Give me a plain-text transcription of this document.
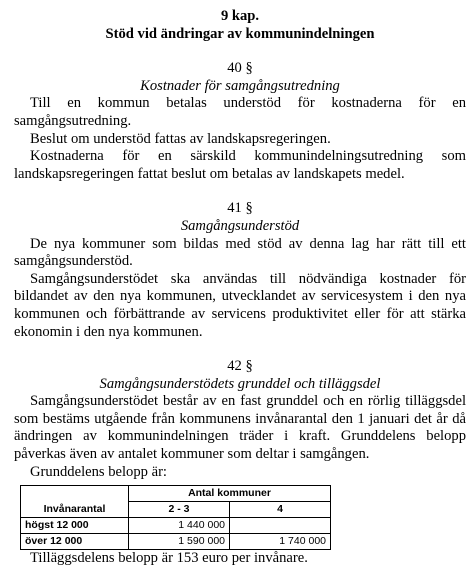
9 kap.

Stöd vid ändringar av kommunindelningen

40 §

Kostnader för samgångsutredning

Till en kommun betalas understöd för kostnaderna för en samgångsutredning.

Beslut om understöd fattas av landskapsregeringen.

Kostnaderna för en särskild kommunindelningsutredning som landskapsregeringen fattat beslut om betalas av landskapets medel.

41 §

Samgångsunderstöd

De nya kommuner som bildas med stöd av denna lag har rätt till ett samgångsunderstöd.

Samgångsunderstödet ska användas till nödvändiga kostnader för bildandet av den nya kommunen, utvecklandet av servicesystem i den nya kommunen och förbättrande av servicens produktivitet eller för att stärka ekonomin i den nya kommunen.

42 §

Samgångsunderstödets grunddel och tilläggsdel

Samgångsunderstödet består av en fast grunddel och en rörlig tilläggsdel som bestäms utgående från kommunens invånarantal den 1 januari det år då ändringen av kommunindelningen träder i kraft. Grunddelens belopp påverkas även av antalet kommuner som deltar i samgången.

Grunddelens belopp är:

	Antal kommuner	
Invånarantal	2 - 3	4
högst 12 000	1 440 000	
över 12 000	1 590 000	1 740 000

Tilläggsdelens belopp är 153 euro per invånare.
